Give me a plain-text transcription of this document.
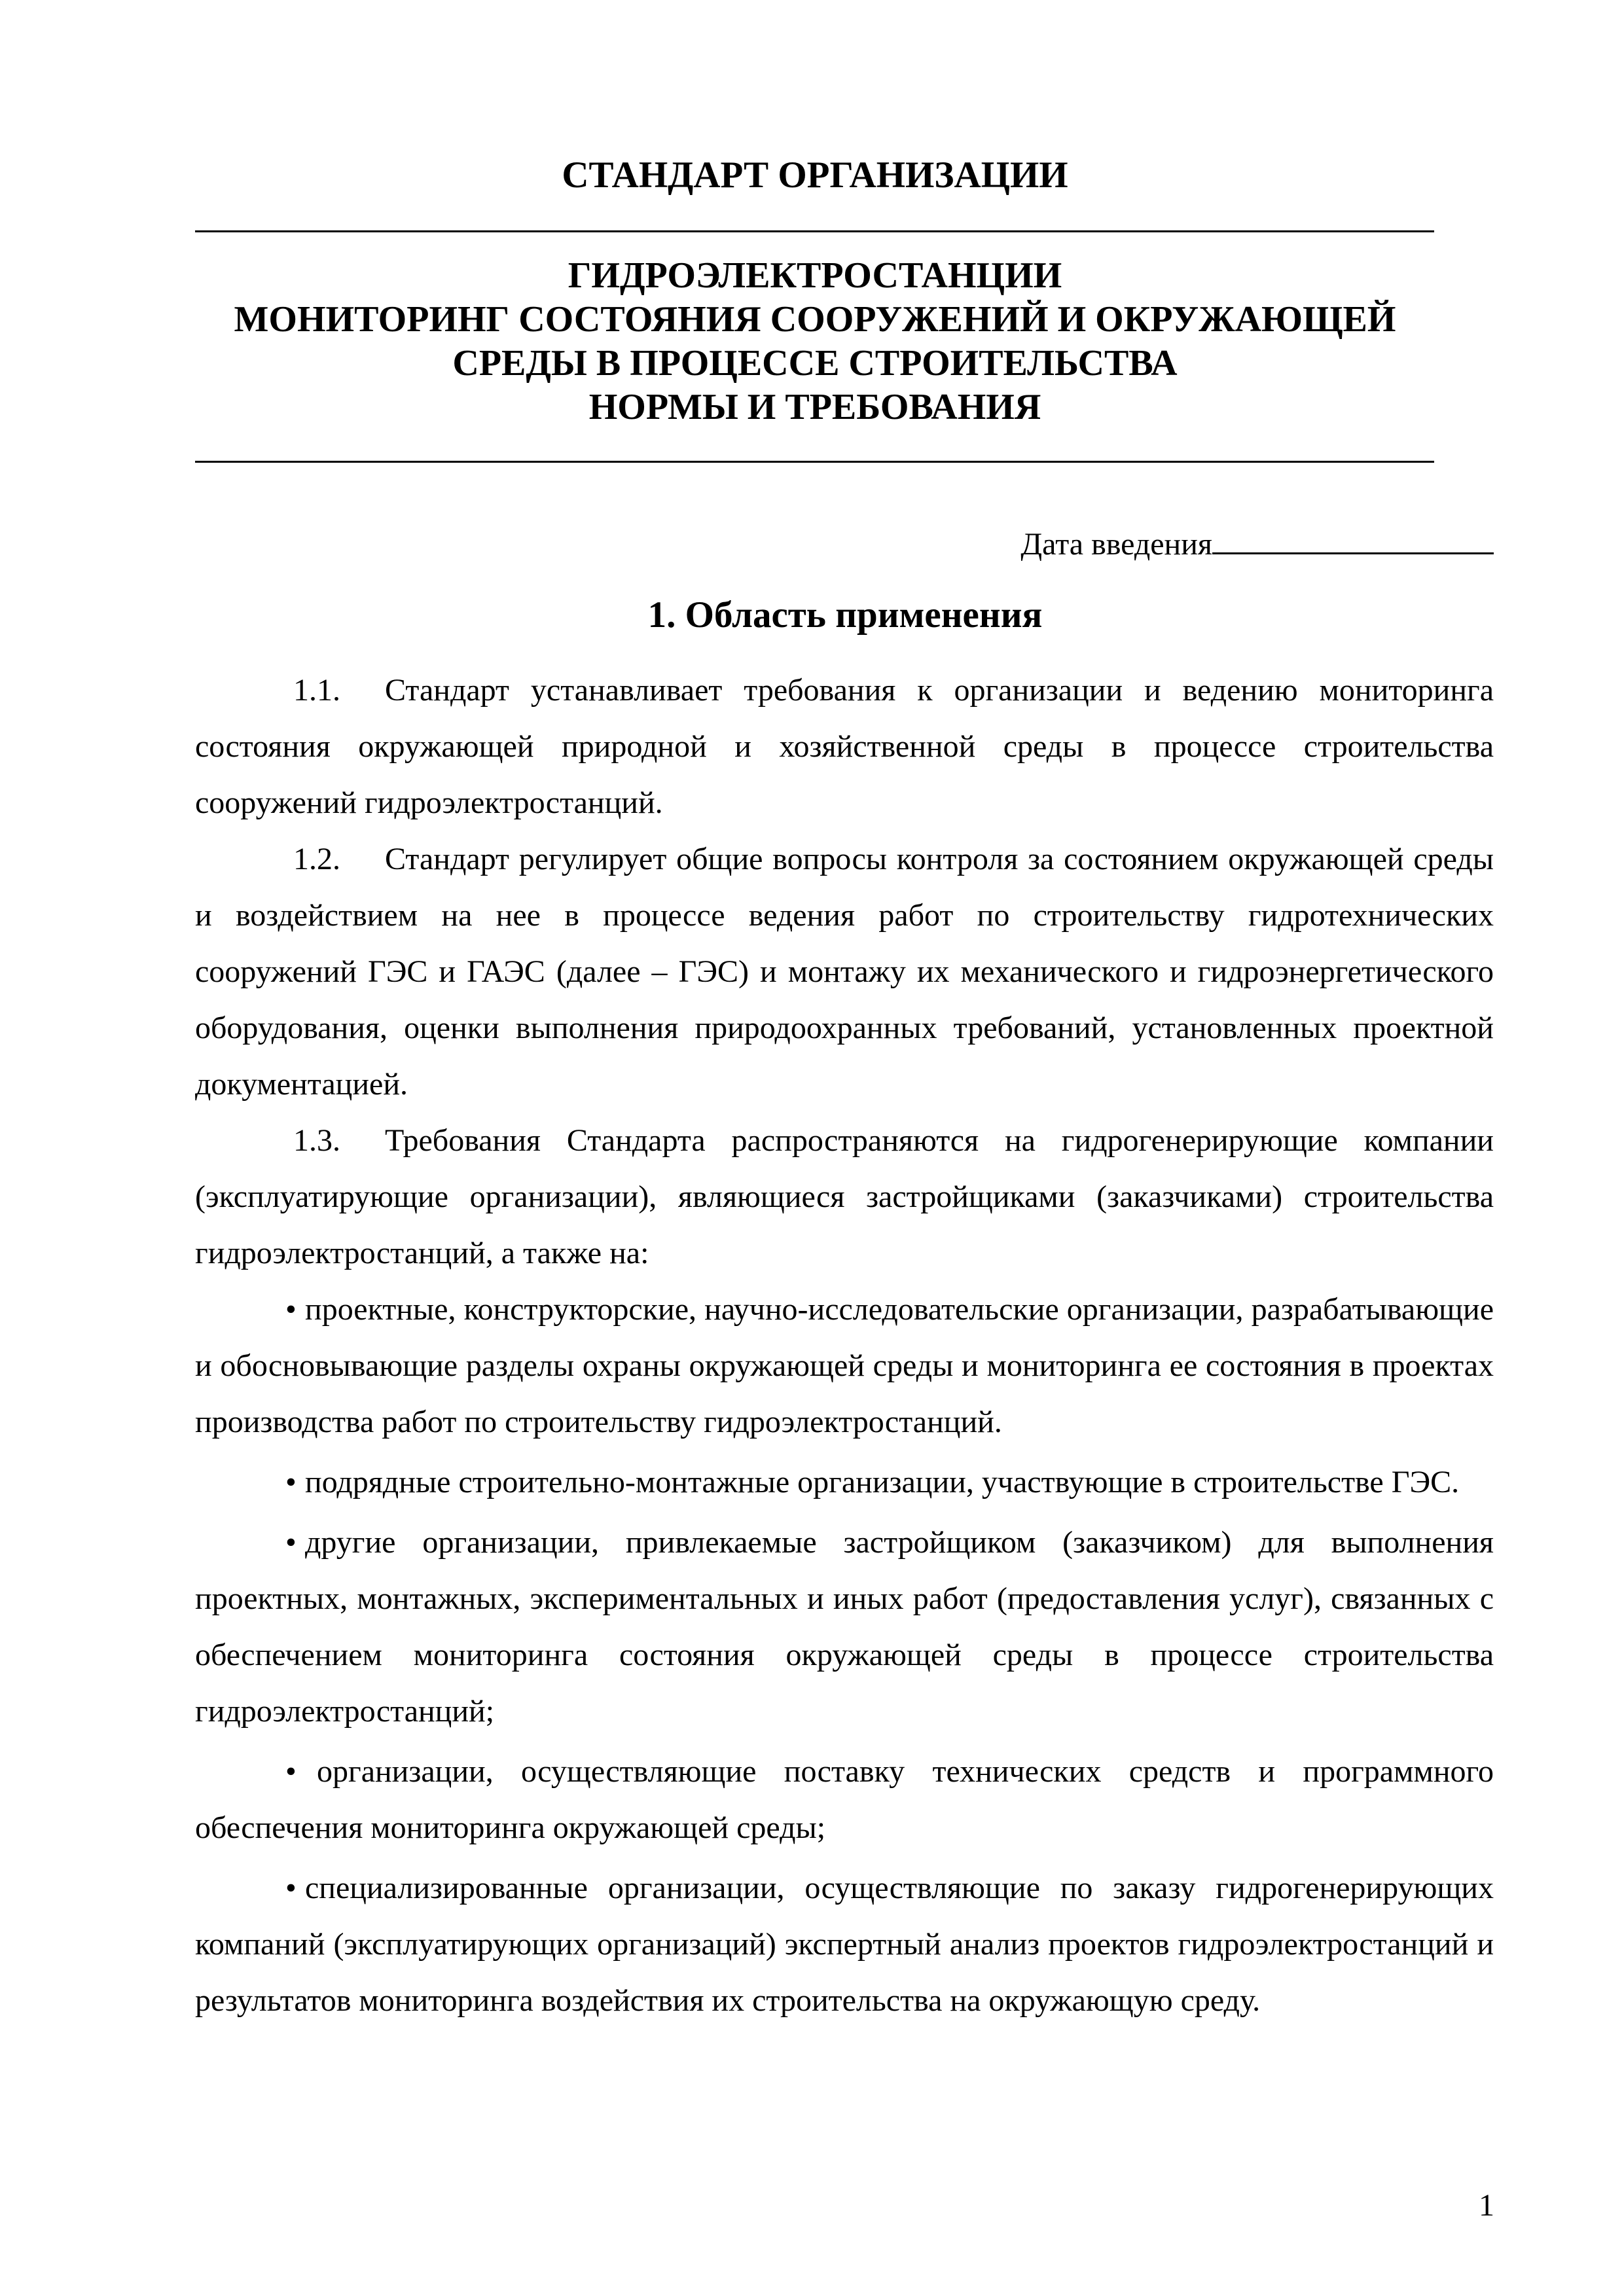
СТАНДАРТ ОРГАНИЗАЦИИ
ГИДРОЭЛЕКТРОСТАНЦИИ
МОНИТОРИНГ СОСТОЯНИЯ СООРУЖЕНИЙ И ОКРУЖАЮЩЕЙ
СРЕДЫ В ПРОЦЕССЕ СТРОИТЕЛЬСТВА
НОРМЫ И ТРЕБОВАНИЯ
Дата введения
1. Область применения

1.1. Стандарт устанавливает требования к организации и ведению мониторинга состояния окружающей природной и хозяйственной среды в процессе строительства сооружений гидроэлектростанций.

1.2. Стандарт регулирует общие вопросы контроля за состоянием окружающей среды и воздействием на нее в процессе ведения работ по строительству гидротехнических сооружений ГЭС и ГАЭС (далее – ГЭС) и монтажу их механического и гидроэнергетического оборудования, оценки выполнения природоохранных требований, установленных проектной документацией.

1.3. Требования Стандарта распространяются на гидрогенерирующие компании (эксплуатирующие организации), являющиеся застройщиками (заказчиками) строительства гидроэлектростанций, а также на:

• проектные, конструкторские, научно-исследовательские организации, разрабатывающие и обосновывающие разделы охраны окружающей среды и мониторинга ее состояния в проектах производства работ по строительству гидроэлектростанций.

• подрядные строительно-монтажные организации, участвующие в строительстве ГЭС.

• другие организации, привлекаемые застройщиком (заказчиком) для выполнения проектных, монтажных, экспериментальных и иных работ (предоставления услуг), связанных с обеспечением мониторинга состояния окружающей среды в процессе строительства гидроэлектростанций;

• организации, осуществляющие поставку технических средств и программного обеспечения мониторинга окружающей среды;

• специализированные организации, осуществляющие по заказу гидрогенерирующих компаний (эксплуатирующих организаций) экспертный анализ проектов гидроэлектростанций и результатов мониторинга воздействия их строительства на окружающую среду.

1
